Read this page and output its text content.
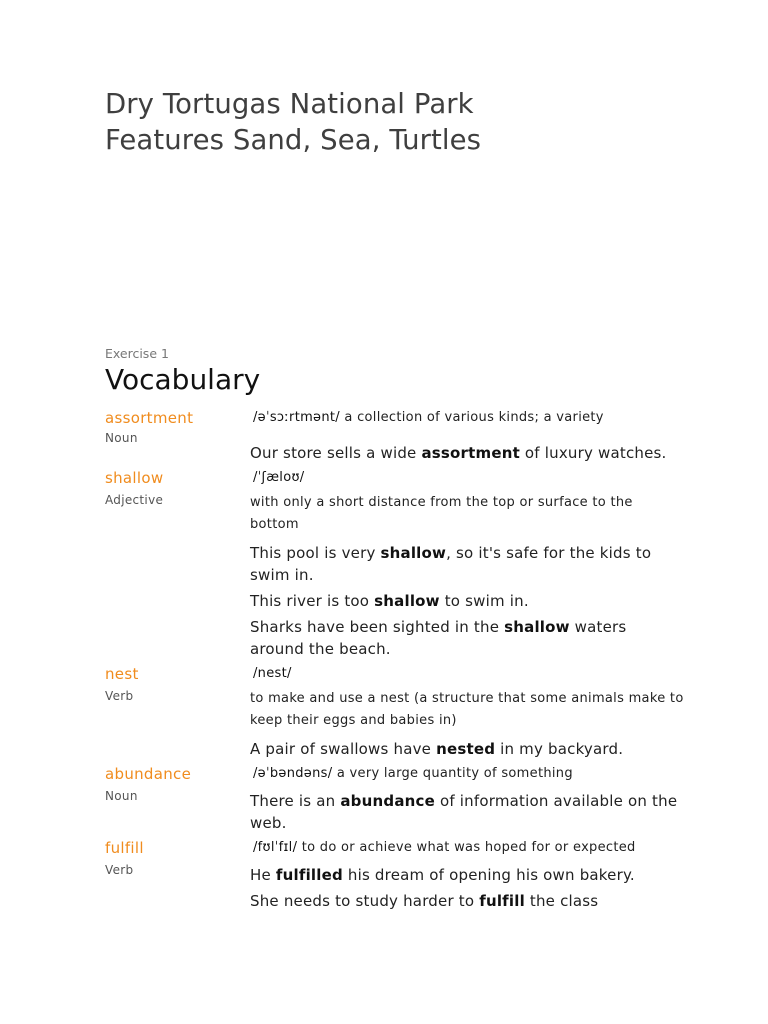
Dry Tortugas National Park
Features Sand, Sea, Turtles
Exercise 1
Vocabulary
assortment
Noun
/əˈsɔːrtmənt/ a collection of various kinds; a variety
Our store sells a wide assortment of luxury watches.
shallow
Adjective
/ˈʃæloʊ/
with only a short distance from the top or surface to the bottom
This pool is very shallow, so it's safe for the kids to swim in.
This river is too shallow to swim in.
Sharks have been sighted in the shallow waters around the beach.
nest
Verb
/nest/
to make and use a nest (a structure that some animals make to keep their eggs and babies in)
A pair of swallows have nested in my backyard.
abundance
Noun
/əˈbəndəns/ a very large quantity of something
There is an abundance of information available on the web.
fulfill
Verb
/fʊlˈfɪl/ to do or achieve what was hoped for or expected
He fulfilled his dream of opening his own bakery.
She needs to study harder to fulfill the class
